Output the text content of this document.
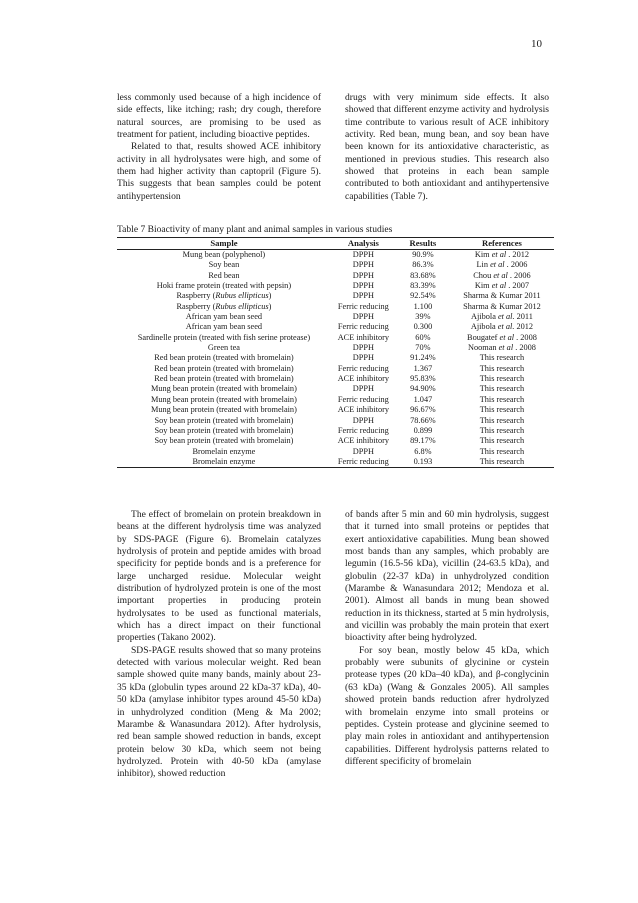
10

less commonly used because of a high incidence of side effects, like itching; rash; dry cough, therefore natural sources, are promising to be used as treatment for patient, including bioactive peptides.

Related to that, results showed ACE inhibitory activity in all hydrolysates were high, and some of them had higher activity than captopril (Figure 5). This suggests that bean samples could be potent antihypertension

drugs with very minimum side effects. It also showed that different enzyme activity and hydrolysis time contribute to various result of ACE inhibitory activity. Red bean, mung bean, and soy bean have been known for its antioxidative characteristic, as mentioned in previous studies. This research also showed that proteins in each bean sample contributed to both antioxidant and antihypertensive capabilities (Table 7).

Table 7 Bioactivity of many plant and animal samples in various studies
Sample	Analysis	Results	References
Mung bean (polyphenol)	DPPH	90.9%	Kim et al . 2012
Soy bean	DPPH	86.3%	Lin et al . 2006
Red bean	DPPH	83.68%	Chou et al . 2006
Hoki frame protein (treated with pepsin)	DPPH	83.39%	Kim et al . 2007
Raspberry (Rubus ellipticus)	DPPH	92.54%	Sharma & Kumar 2011
Raspberry (Rubus ellipticus)	Ferric reducing	1.100	Sharma & Kumar 2012
African yam bean seed	DPPH	39%	Ajibola et al. 2011
African yam bean seed	Ferric reducing	0.300	Ajibola et al. 2012
Sardinelle protein (treated with fish serine protease)	ACE inhibitory	60%	Bougatef et al . 2008
Green tea	DPPH	70%	Nooman et al . 2008
Red bean protein (treated with bromelain)	DPPH	91.24%	This research
Red bean protein (treated with bromelain)	Ferric reducing	1.367	This research
Red bean protein (treated with bromelain)	ACE inhibitory	95.83%	This research
Mung bean protein (treated with bromelain)	DPPH	94.90%	This research
Mung bean protein (treated with bromelain)	Ferric reducing	1.047	This research
Mung bean protein (treated with bromelain)	ACE inhibitory	96.67%	This research
Soy bean protein (treated with bromelain)	DPPH	78.66%	This research
Soy bean protein (treated with bromelain)	Ferric reducing	0.899	This research
Soy bean protein (treated with bromelain)	ACE inhibitory	89.17%	This research
Bromelain enzyme	DPPH	6.8%	This research
Bromelain enzyme	Ferric reducing	0.193	This research

The effect of bromelain on protein breakdown in beans at the different hydrolysis time was analyzed by SDS-PAGE (Figure 6). Bromelain catalyzes hydrolysis of protein and peptide amides with broad specificity for peptide bonds and is a preference for large uncharged residue. Molecular weight distribution of hydrolyzed protein is one of the most important properties in producing protein hydrolysates to be used as functional materials, which has a direct impact on their functional properties (Takano 2002).

SDS-PAGE results showed that so many proteins detected with various molecular weight. Red bean sample showed quite many bands, mainly about 23-35 kDa (globulin types around 22 kDa-37 kDa), 40-50 kDa (amylase inhibitor types around 45-50 kDa) in unhydrolyzed condition (Meng & Ma 2002; Marambe & Wanasundara 2012). After hydrolysis, red bean sample showed reduction in bands, except protein below 30 kDa, which seem not being hydrolyzed. Protein with 40-50 kDa (amylase inhibitor), showed reduction

of bands after 5 min and 60 min hydrolysis, suggest that it turned into small proteins or peptides that exert antioxidative capabilities. Mung bean showed most bands than any samples, which probably are legumin (16.5-56 kDa), vicillin (24-63.5 kDa), and globulin (22-37 kDa) in unhydrolyzed condition (Marambe & Wanasundara 2012; Mendoza et al. 2001). Almost all bands in mung bean showed reduction in its thickness, started at 5 min hydrolysis, and vicillin was probably the main protein that exert bioactivity after being hydrolyzed.

For soy bean, mostly below 45 kDa, which probably were subunits of glycinine or cystein protease types (20 kDa–40 kDa), and β-conglycinin (63 kDa) (Wang & Gonzales 2005). All samples showed protein bands reduction afrer hydrolyzed with bromelain enzyme into small proteins or peptides. Cystein protease and glycinine seemed to play main roles in antioxidant and antihypertension capabilities. Different hydrolysis patterns related to different specificity of bromelain
